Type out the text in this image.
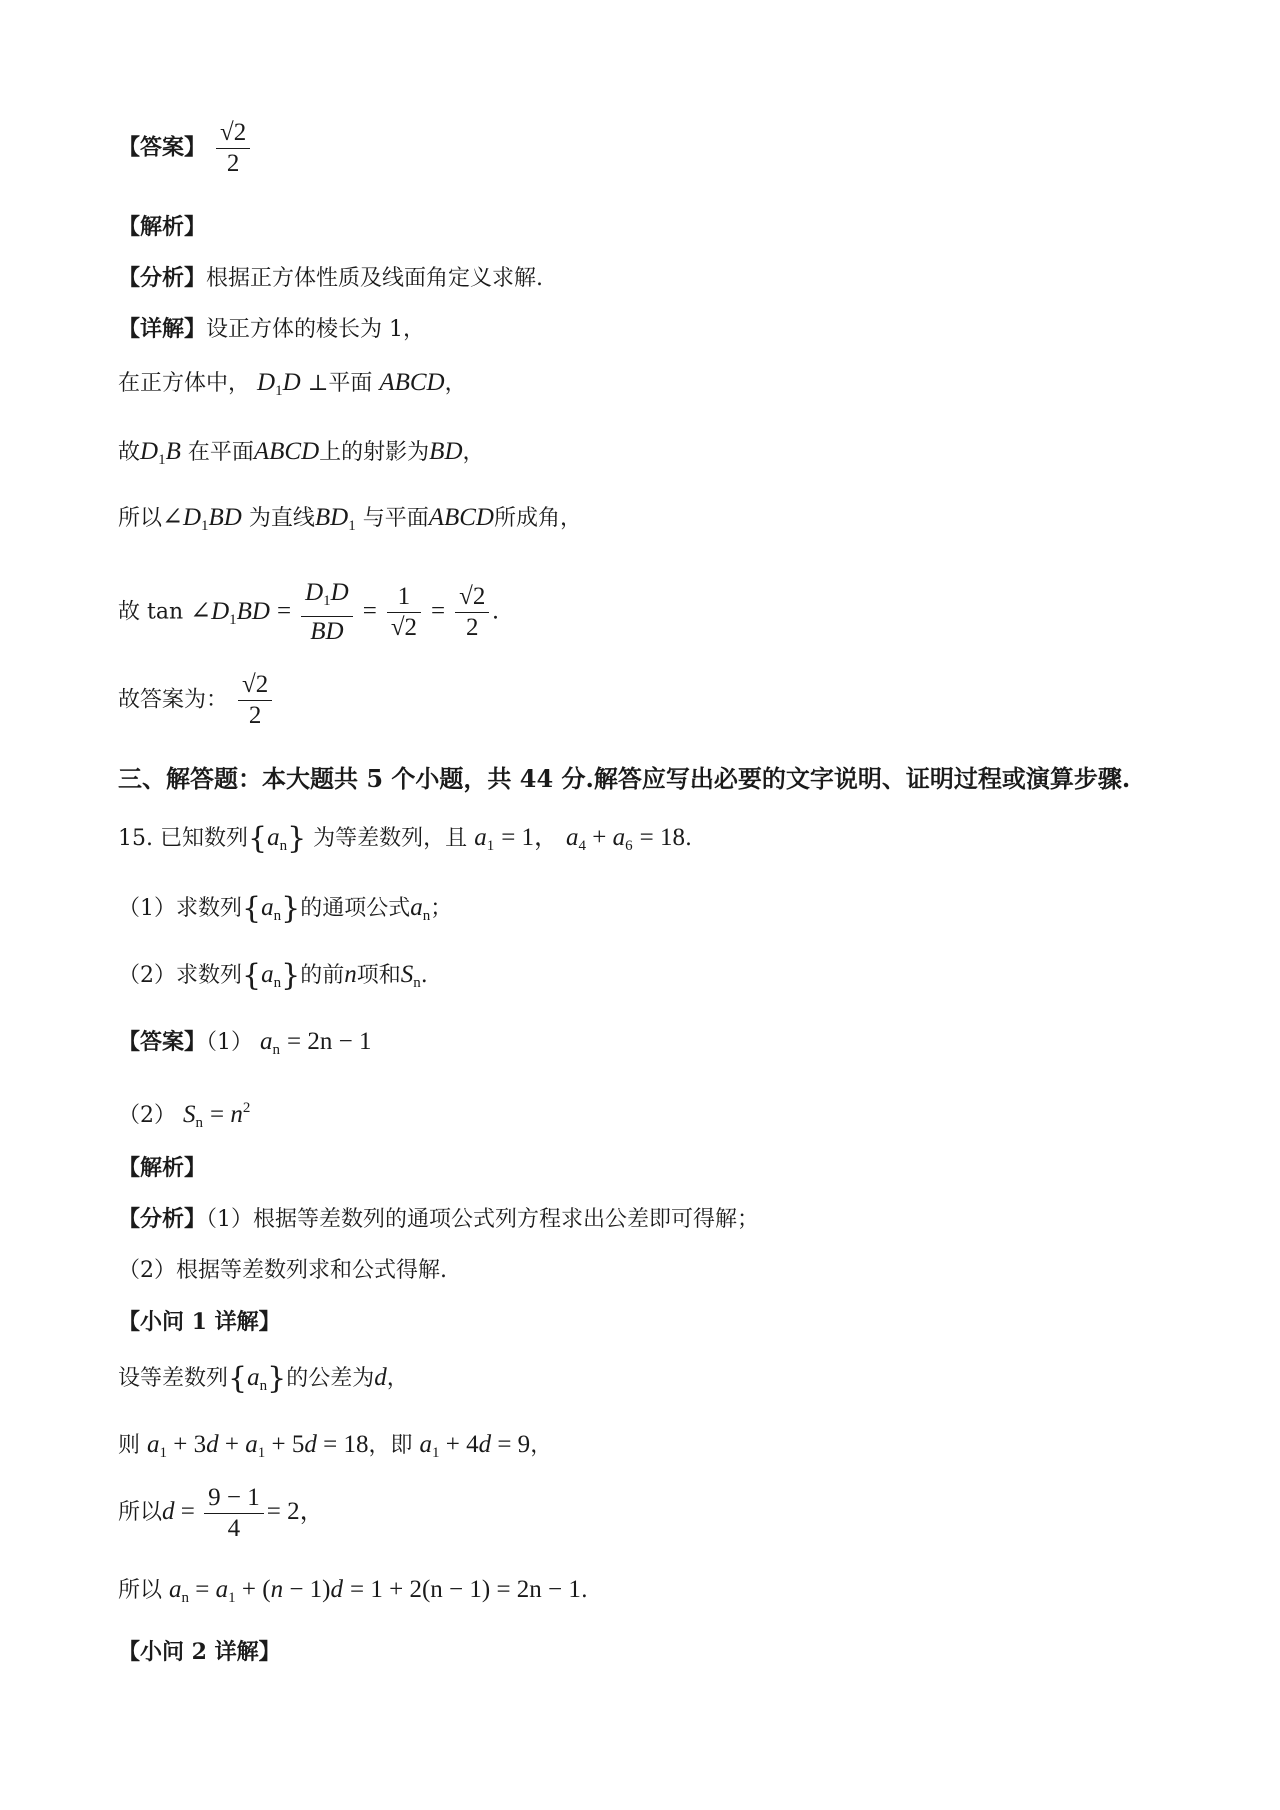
【答案】 $\frac{√2}{2}$
【解析】
【分析】根据正方体性质及线面角定义求解.
【详解】设正方体的棱长为 1，
在正方体中， $D_1D$ ⊥平面 ABCD，
故$D_1B$ 在平面ABCD上的射影为BD，
所以$\angle D_1BD$ 为直线$BD_1$ 与平面ABCD所成角，
故 $\tan \angle D_1BD = \frac{D_1D}{BD} = \frac{1}{√2} = \frac{√2}{2}$ .
故答案为： $\frac{√2}{2}$
三、解答题：本大题共 5 个小题，共 44 分.解答应写出必要的文字说明、证明过程或演算步骤.
15. 已知数列$\{a_n\}$ 为等差数列，且 $a_1 = 1$， $a_4 + a_6 = 18$.
（1）求数列$\{a_n\}$的通项公式$a_n$；
（2）求数列$\{a_n\}$的前n项和$S_n$.
【答案】（1） $a_n = 2n - 1$
（2） $S_n = n^2$
【解析】
【分析】（1）根据等差数列的通项公式列方程求出公差即可得解；
（2）根据等差数列求和公式得解.
【小问 1 详解】
设等差数列$\{a_n\}$的公差为d，
则 $a_1 + 3d + a_1 + 5d = 18$，即 $a_1 + 4d = 9$，
所以$d = \frac{9 - 1}{4} = 2$，
所以 $a_n = a_1 + (n - 1)d = 1 + 2(n - 1) = 2n - 1$.
【小问 2 详解】
